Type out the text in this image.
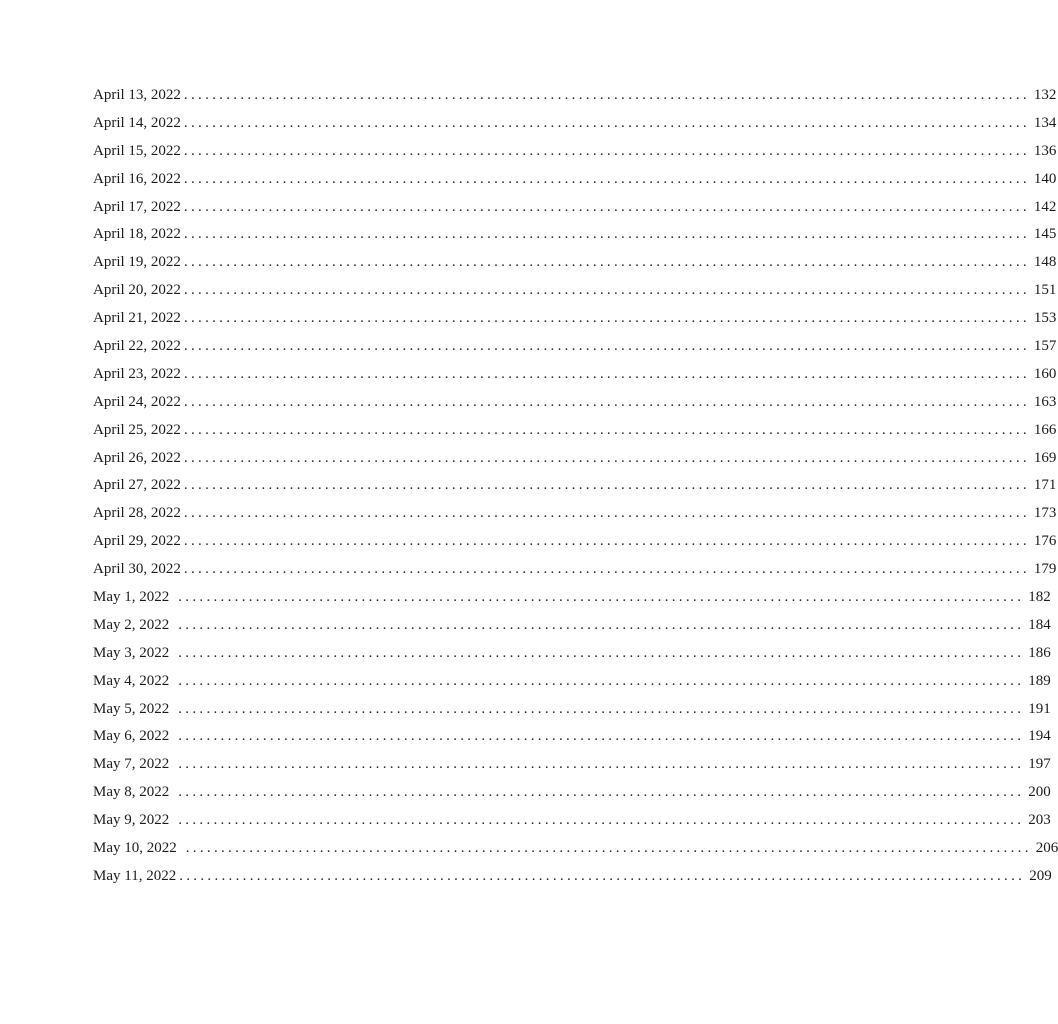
April 13, 2022 ........................................................................................................................ 132
April 14, 2022 ........................................................................................................................ 134
April 15, 2022 ........................................................................................................................ 136
April 16, 2022 ........................................................................................................................ 140
April 17, 2022 ........................................................................................................................ 142
April 18, 2022 ........................................................................................................................ 145
April 19, 2022 ........................................................................................................................ 148
April 20, 2022 ........................................................................................................................ 151
April 21, 2022 ........................................................................................................................ 153
April 22, 2022 ........................................................................................................................ 157
April 23, 2022 ........................................................................................................................ 160
April 24, 2022 ........................................................................................................................ 163
April 25, 2022 ........................................................................................................................ 166
April 26, 2022 ........................................................................................................................ 169
April 27, 2022 ........................................................................................................................ 171
April 28, 2022 ........................................................................................................................ 173
April 29, 2022 ........................................................................................................................ 176
April 30, 2022 ........................................................................................................................ 179
May 1, 2022 ........................................................................................................................ 182
May 2, 2022 ........................................................................................................................ 184
May 3, 2022 ........................................................................................................................ 186
May 4, 2022 ........................................................................................................................ 189
May 5, 2022 ........................................................................................................................ 191
May 6, 2022 ........................................................................................................................ 194
May 7, 2022 ........................................................................................................................ 197
May 8, 2022 ........................................................................................................................ 200
May 9, 2022 ........................................................................................................................ 203
May 10, 2022 ........................................................................................................................ 206
May 11, 2022 ........................................................................................................................ 209
